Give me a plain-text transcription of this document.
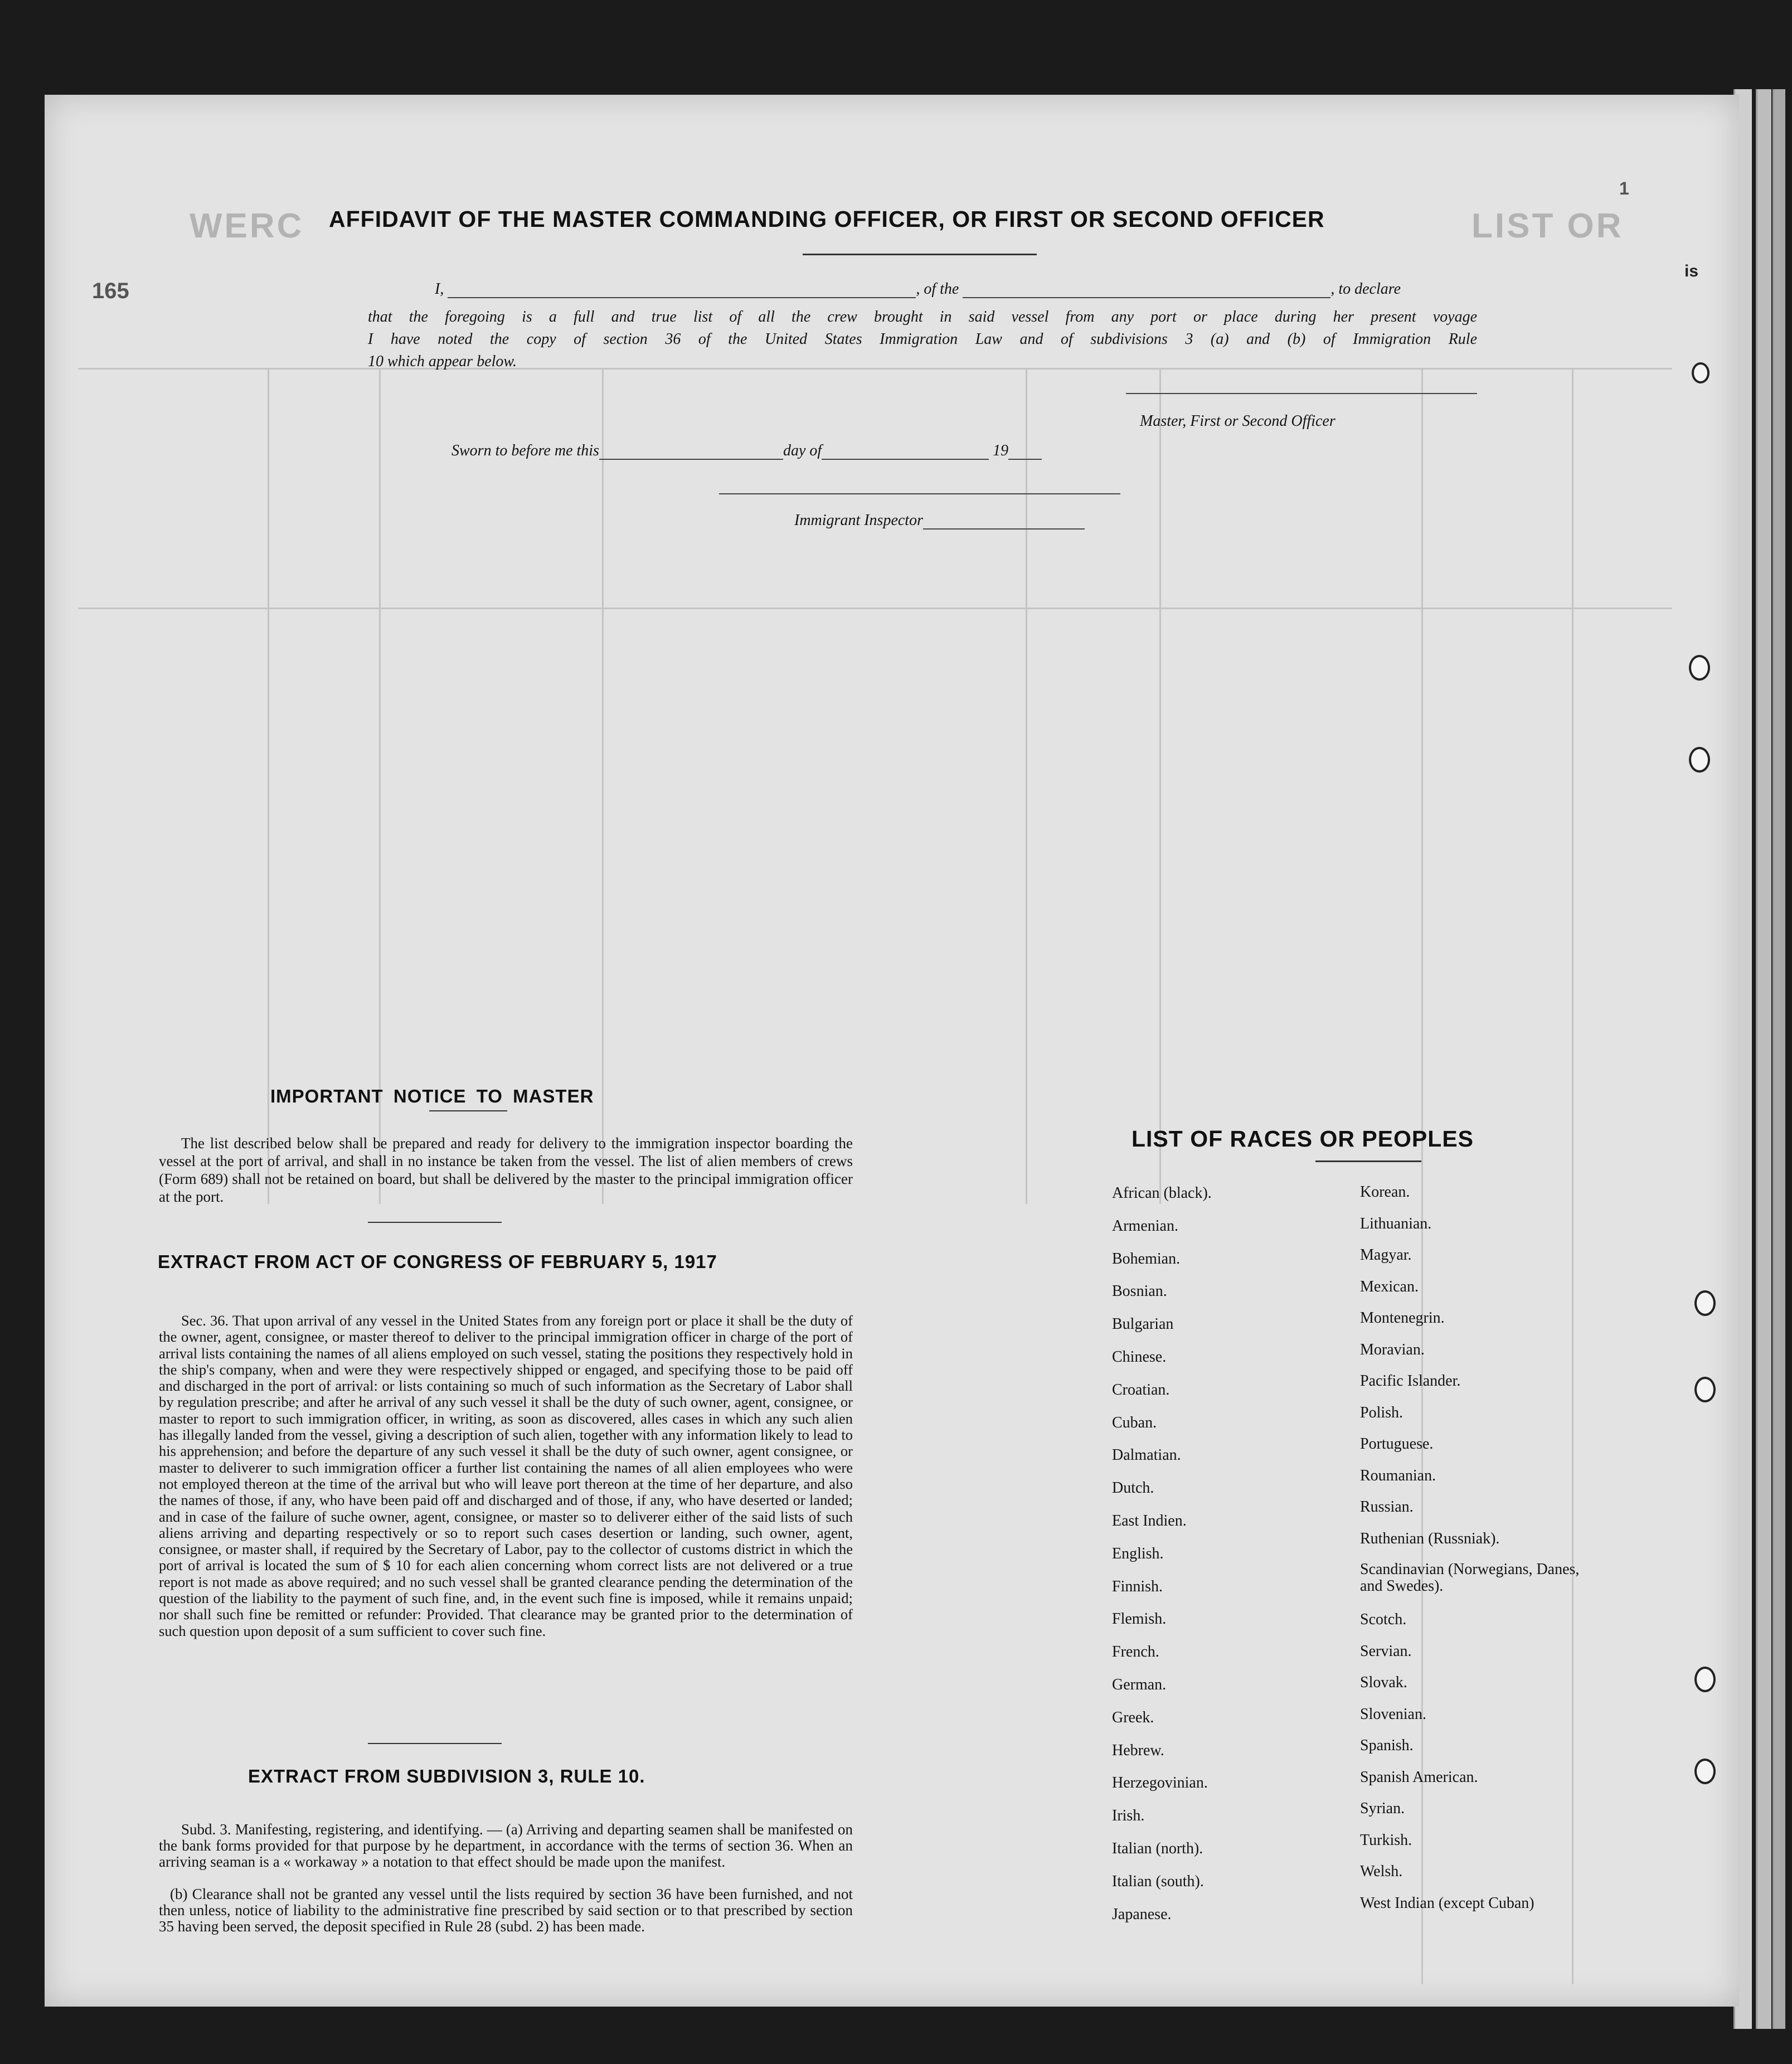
WERC	LIST OR
165
1
is
AFFIDAVIT OF THE MASTER COMMANDING OFFICER, OR FIRST OR SECOND OFFICER
I,	, of the	, to declare
that the foregoing is a full and true list of all the crew brought in said vessel from any port or place during her present voyage
I have noted the copy of section 36 of the United States Immigration Law and of subdivisions 3 (a) and (b) of Immigration Rule
10 which appear below.
Master, First or Second Officer
Sworn to before me this	day of	19
Immigrant Inspector
IMPORTANT NOTICE TO MASTER
The list described below shall be prepared and ready for delivery to the immigration inspector boarding the vessel at the port of arrival, and shall in no instance be taken from the vessel. The list of alien members of crews (Form 689) shall not be retained on board, but shall be delivered by the master to the principal immigration officer at the port.
EXTRACT FROM ACT OF CONGRESS OF FEBRUARY 5, 1917
Sec. 36. That upon arrival of any vessel in the United States from any foreign port or place it shall be the duty of the owner, agent, consignee, or master thereof to deliver to the principal immigration officer in charge of the port of arrival lists containing the names of all aliens employed on such vessel, stating the positions they respectively hold in the ship's company, when and were they were respectively shipped or engaged, and specifying those to be paid off and discharged in the port of arrival: or lists containing so much of such information as the Secretary of Labor shall by regulation prescribe; and after he arrival of any such vessel it shall be the duty of such owner, agent, consignee, or master to report to such immigration officer, in writing, as soon as discovered, alles cases in which any such alien has illegally landed from the vessel, giving a description of such alien, together with any information likely to lead to his apprehension; and before the departure of any such vessel it shall be the duty of such owner, agent consignee, or master to deliverer to such immigration officer a further list containing the names of all alien employees who were not employed thereon at the time of the arrival but who will leave port thereon at the time of her departure, and also the names of those, if any, who have been paid off and discharged and of those, if any, who have deserted or landed; and in case of the failure of suche owner, agent, consignee, or master so to deliverer either of the said lists of such aliens arriving and departing respectively or so to report such cases desertion or landing, such owner, agent, consignee, or master shall, if required by the Secretary of Labor, pay to the collector of customs district in which the port of arrival is located the sum of $ 10 for each alien concerning whom correct lists are not delivered or a true report is not made as above required; and no such vessel shall be granted clearance pending the determination of the question of the liability to the payment of such fine, and, in the event such fine is imposed, while it remains unpaid; nor shall such fine be remitted or refunder: Provided. That clearance may be granted prior to the determination of such question upon deposit of a sum sufficient to cover such fine.
EXTRACT FROM SUBDIVISION 3, RULE 10.
Subd. 3. Manifesting, registering, and identifying. — (a) Arriving and departing seamen shall be manifested on the bank forms provided for that purpose by he department, in accordance with the terms of section 36. When an arriving seaman is a « workaway » a notation to that effect should be made upon the manifest.
(b) Clearance shall not be granted any vessel until the lists required by section 36 have been furnished, and not then unless, notice of liability to the administrative fine prescribed by said section or to that prescribed by section 35 having been served, the deposit specified in Rule 28 (subd. 2) has been made.
LIST OF RACES OR PEOPLES
African (black).
Armenian.
Bohemian.
Bosnian.
Bulgarian
Chinese.
Croatian.
Cuban.
Dalmatian.
Dutch.
East Indien.
English.
Finnish.
Flemish.
French.
German.
Greek.
Hebrew.
Herzegovinian.
Irish.
Italian (north).
Italian (south).
Japanese.
Korean.
Lithuanian.
Magyar.
Mexican.
Montenegrin.
Moravian.
Pacific Islander.
Polish.
Portuguese.
Roumanian.
Russian.
Ruthenian (Russniak).
Scandinavian (Norwegians, Danes, and Swedes).
Scotch.
Servian.
Slovak.
Slovenian.
Spanish.
Spanish American.
Syrian.
Turkish.
Welsh.
West Indian (except Cuban)
